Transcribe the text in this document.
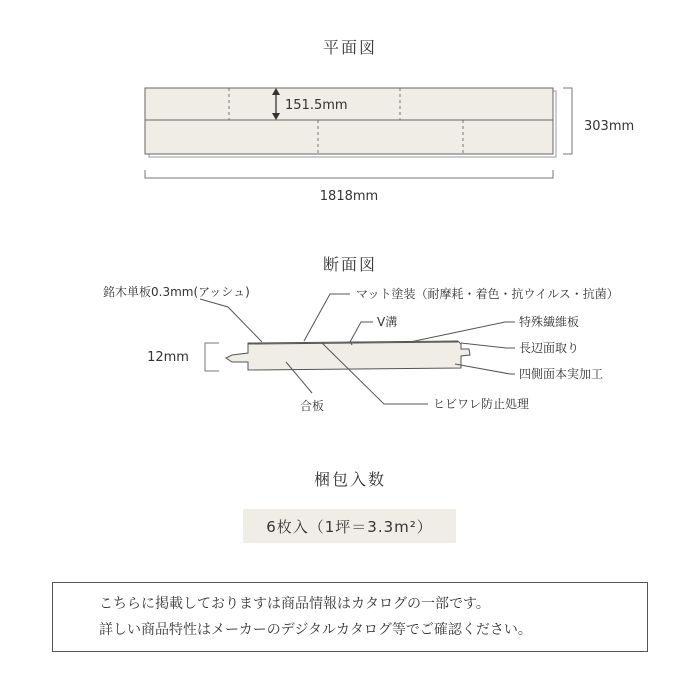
平面図
151.5mm
303mm
1818mm
断面図
12mm
銘木単板0.3mm(アッシュ)	マット塗装（耐摩耗・着色・抗ウイルス・抗菌）
V溝	特殊繊維板
長辺面取り
四側面本実加工
合板	ヒビワレ防止処理
梱包入数
6枚入（1坪＝3.3m²）
こちらに掲載しておりますは商品情報はカタログの一部です。
詳しい商品特性はメーカーのデジタルカタログ等でご確認ください。
